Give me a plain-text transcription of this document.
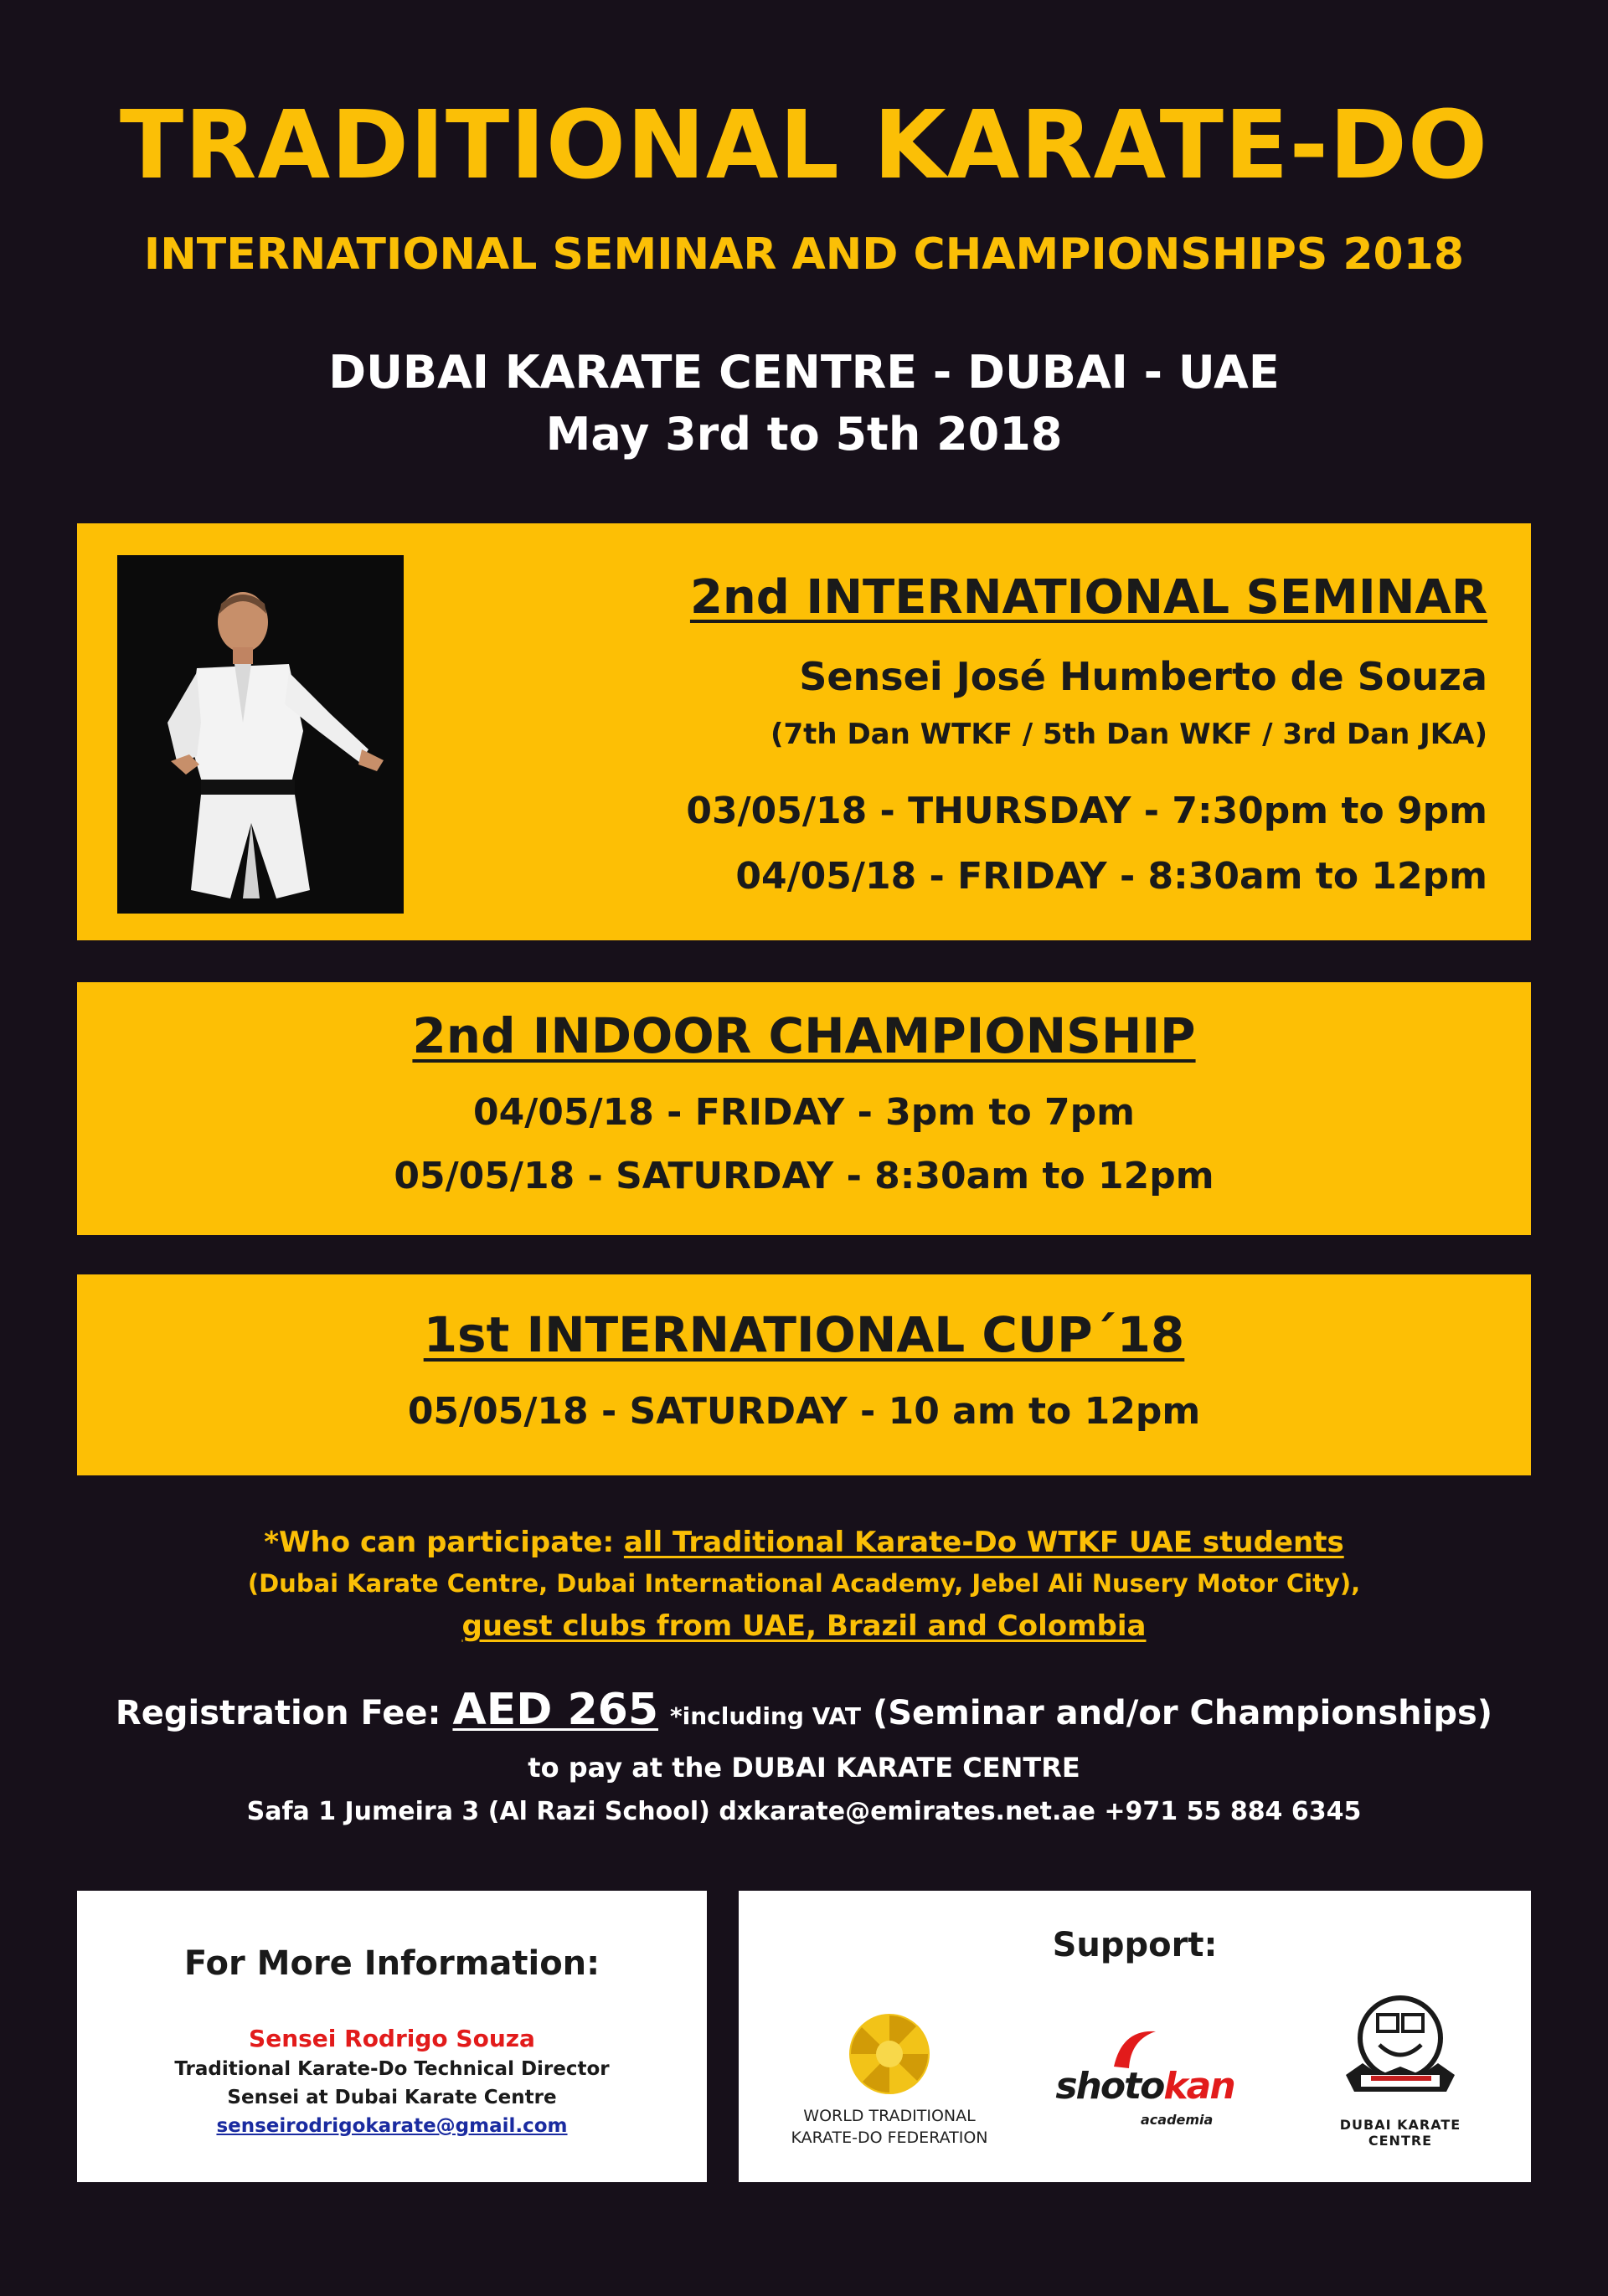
TRADITIONAL KARATE-DO
INTERNATIONAL SEMINAR AND CHAMPIONSHIPS 2018
DUBAI KARATE CENTRE - DUBAI - UAE
May 3rd to 5th 2018
2nd INTERNATIONAL SEMINAR
Sensei José Humberto de Souza
(7th Dan WTKF / 5th Dan WKF / 3rd Dan JKA)
03/05/18 - THURSDAY - 7:30pm to 9pm
04/05/18 - FRIDAY - 8:30am to 12pm
2nd INDOOR CHAMPIONSHIP
04/05/18 - FRIDAY - 3pm to 7pm
05/05/18 - SATURDAY - 8:30am to 12pm
1st INTERNATIONAL CUP´18
05/05/18 - SATURDAY - 10 am to 12pm
*Who can participate: all Traditional Karate-Do WTKF UAE students
(Dubai Karate Centre, Dubai International Academy, Jebel Ali Nusery Motor City),
guest clubs from UAE, Brazil and Colombia
Registration Fee: AED 265 *including VAT (Seminar and/or Championships)
to pay at the DUBAI KARATE CENTRE
Safa 1 Jumeira 3 (Al Razi School) dxkarate@emirates.net.ae +971 55 884 6345
For More Information:
Sensei Rodrigo Souza
Traditional Karate-Do Technical Director
Sensei at Dubai Karate Centre
senseirodrigokarate@gmail.com
Support:
WORLD TRADITIONAL
KARATE-DO FEDERATION
shotokan
academia	DUBAI KARATE CENTRE
